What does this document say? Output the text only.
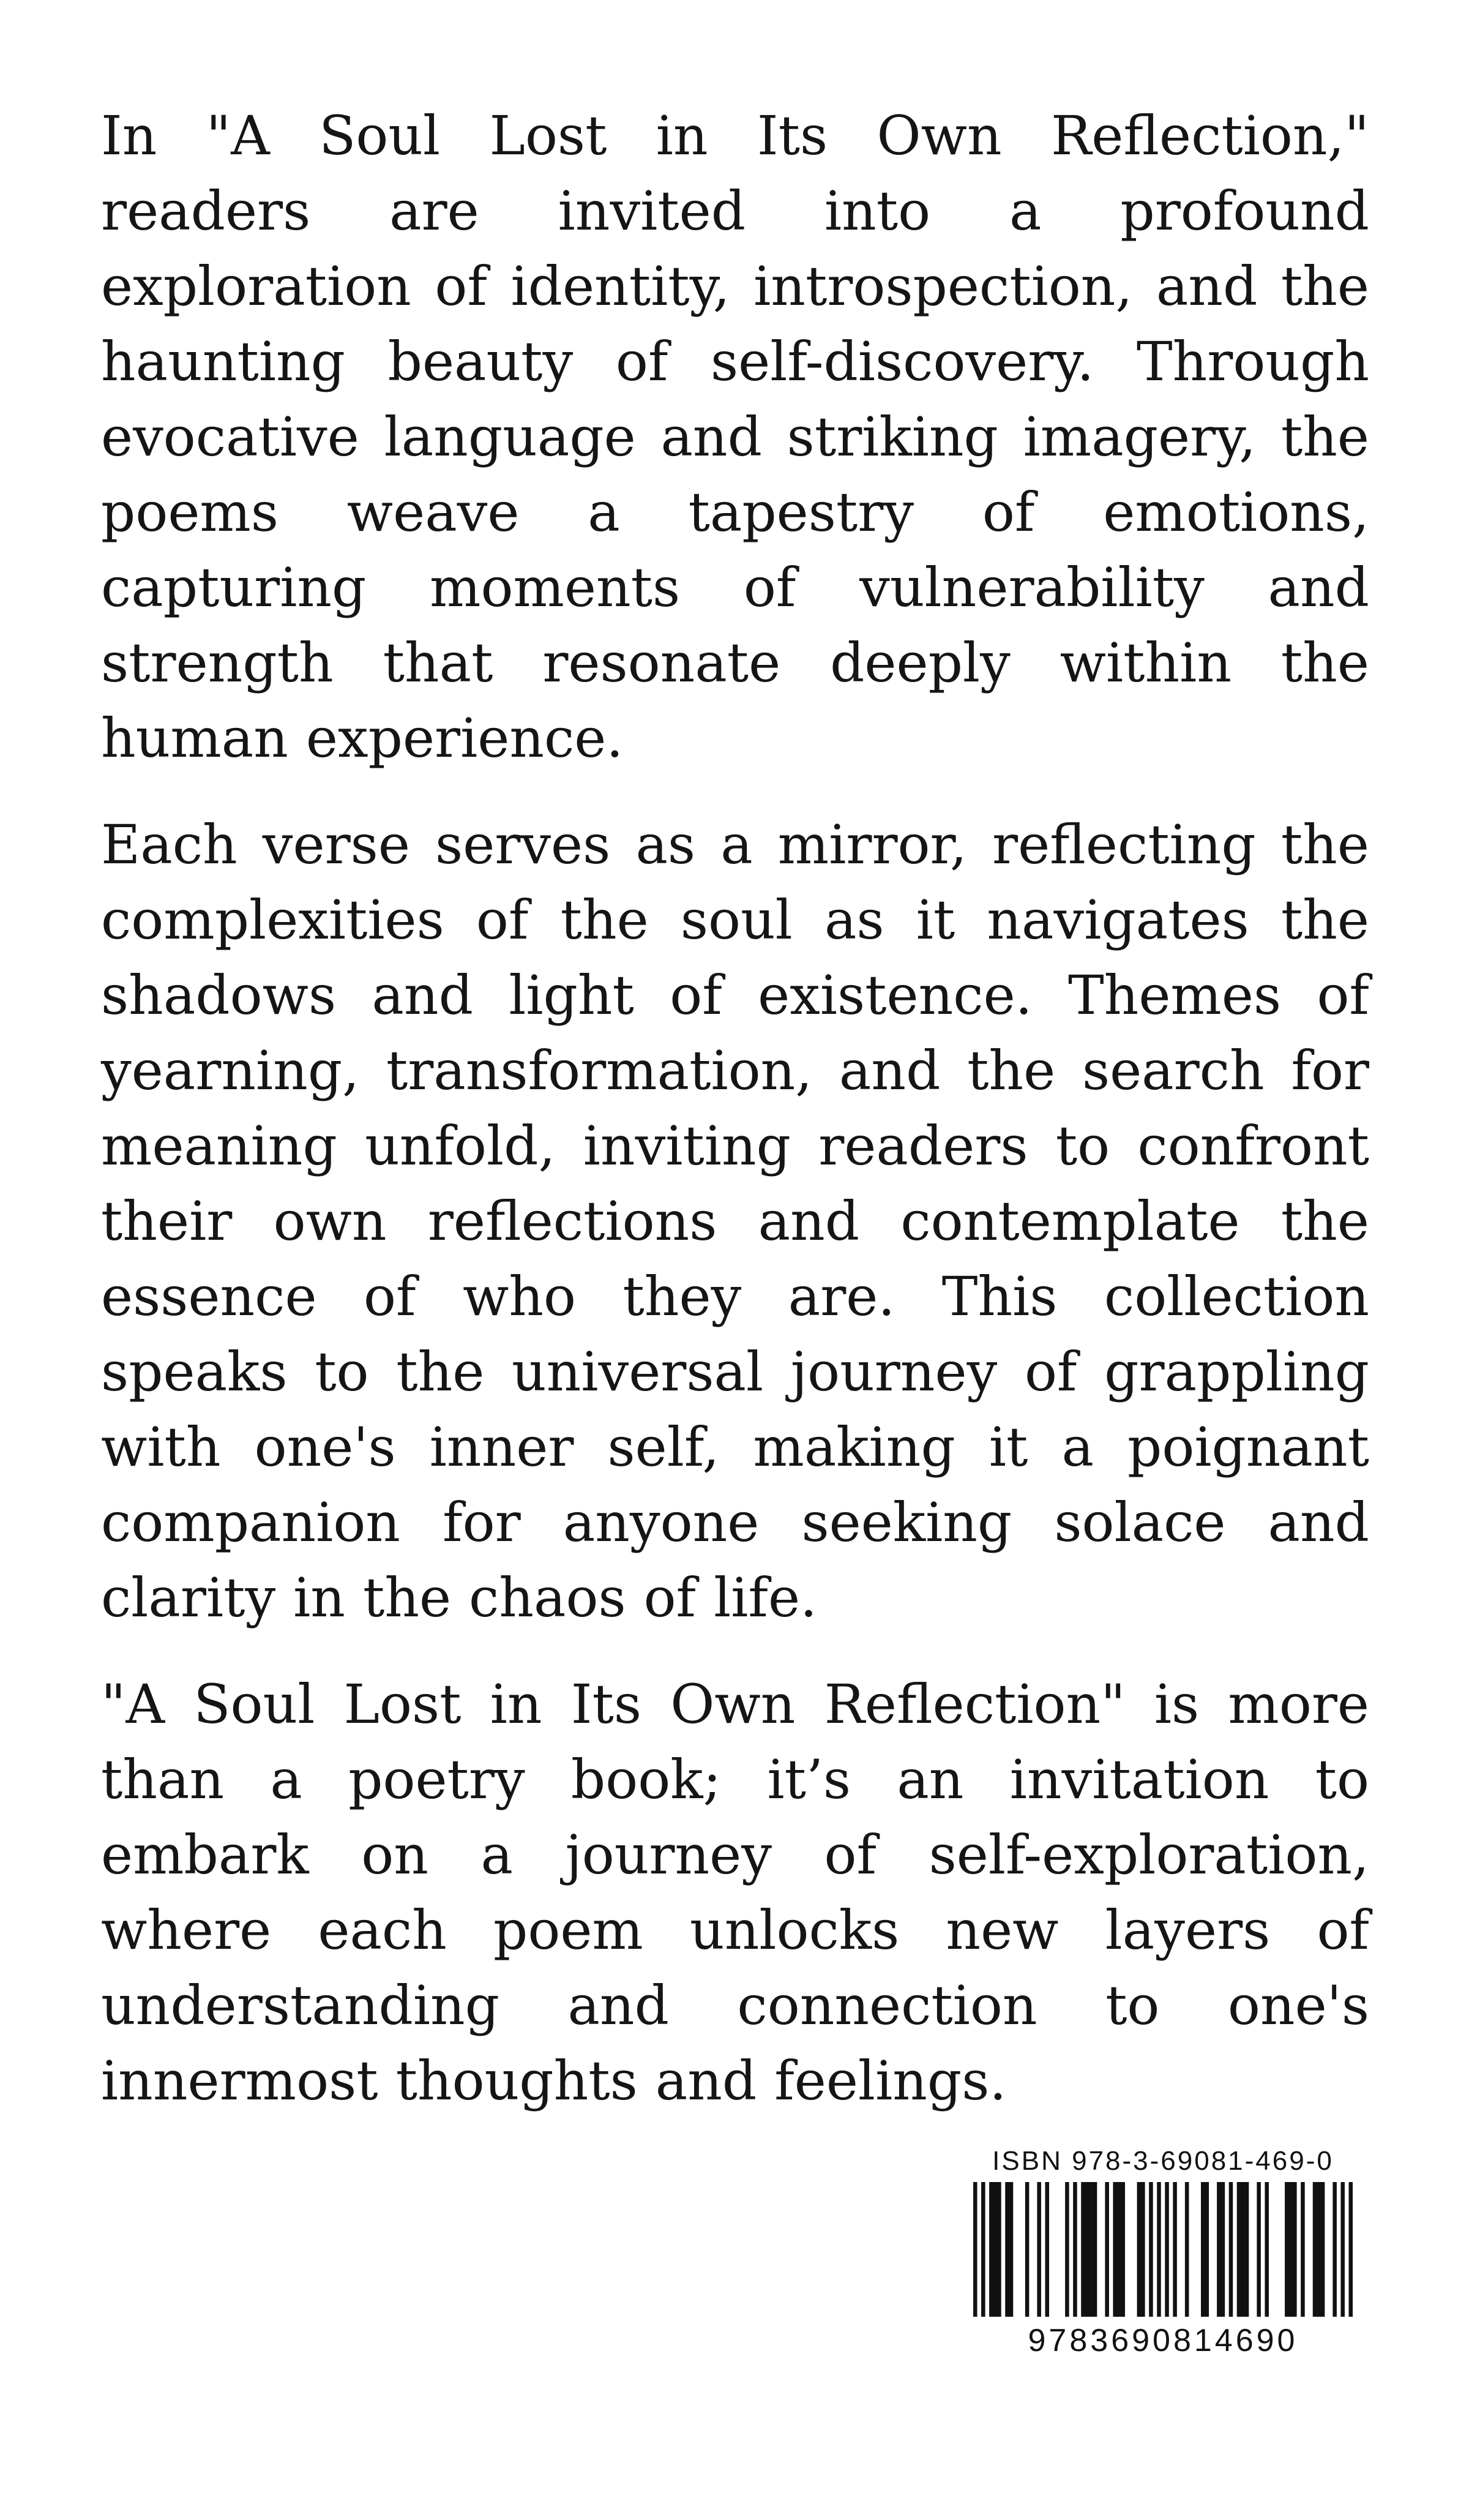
In "A Soul Lost in Its Own Reflection," readers are invited into a profound exploration of identity, introspection, and the haunting beauty of self-discovery. Through evocative language and striking imagery, the poems weave a tapestry of emotions, capturing moments of vulnerability and strength that resonate deeply within the human experience.

Each verse serves as a mirror, reflecting the complexities of the soul as it navigates the shadows and light of existence. Themes of yearning, transformation, and the search for meaning unfold, inviting readers to confront their own reflections and contemplate the essence of who they are. This collection speaks to the universal journey of grappling with one's inner self, making it a poignant companion for anyone seeking solace and clarity in the chaos of life.

"A Soul Lost in Its Own Reflection" is more than a poetry book; it’s an invitation to embark on a journey of self-exploration, where each poem unlocks new layers of understanding and connection to one's innermost thoughts and feelings.

ISBN 978-3-69081-469-0
9783690814690
